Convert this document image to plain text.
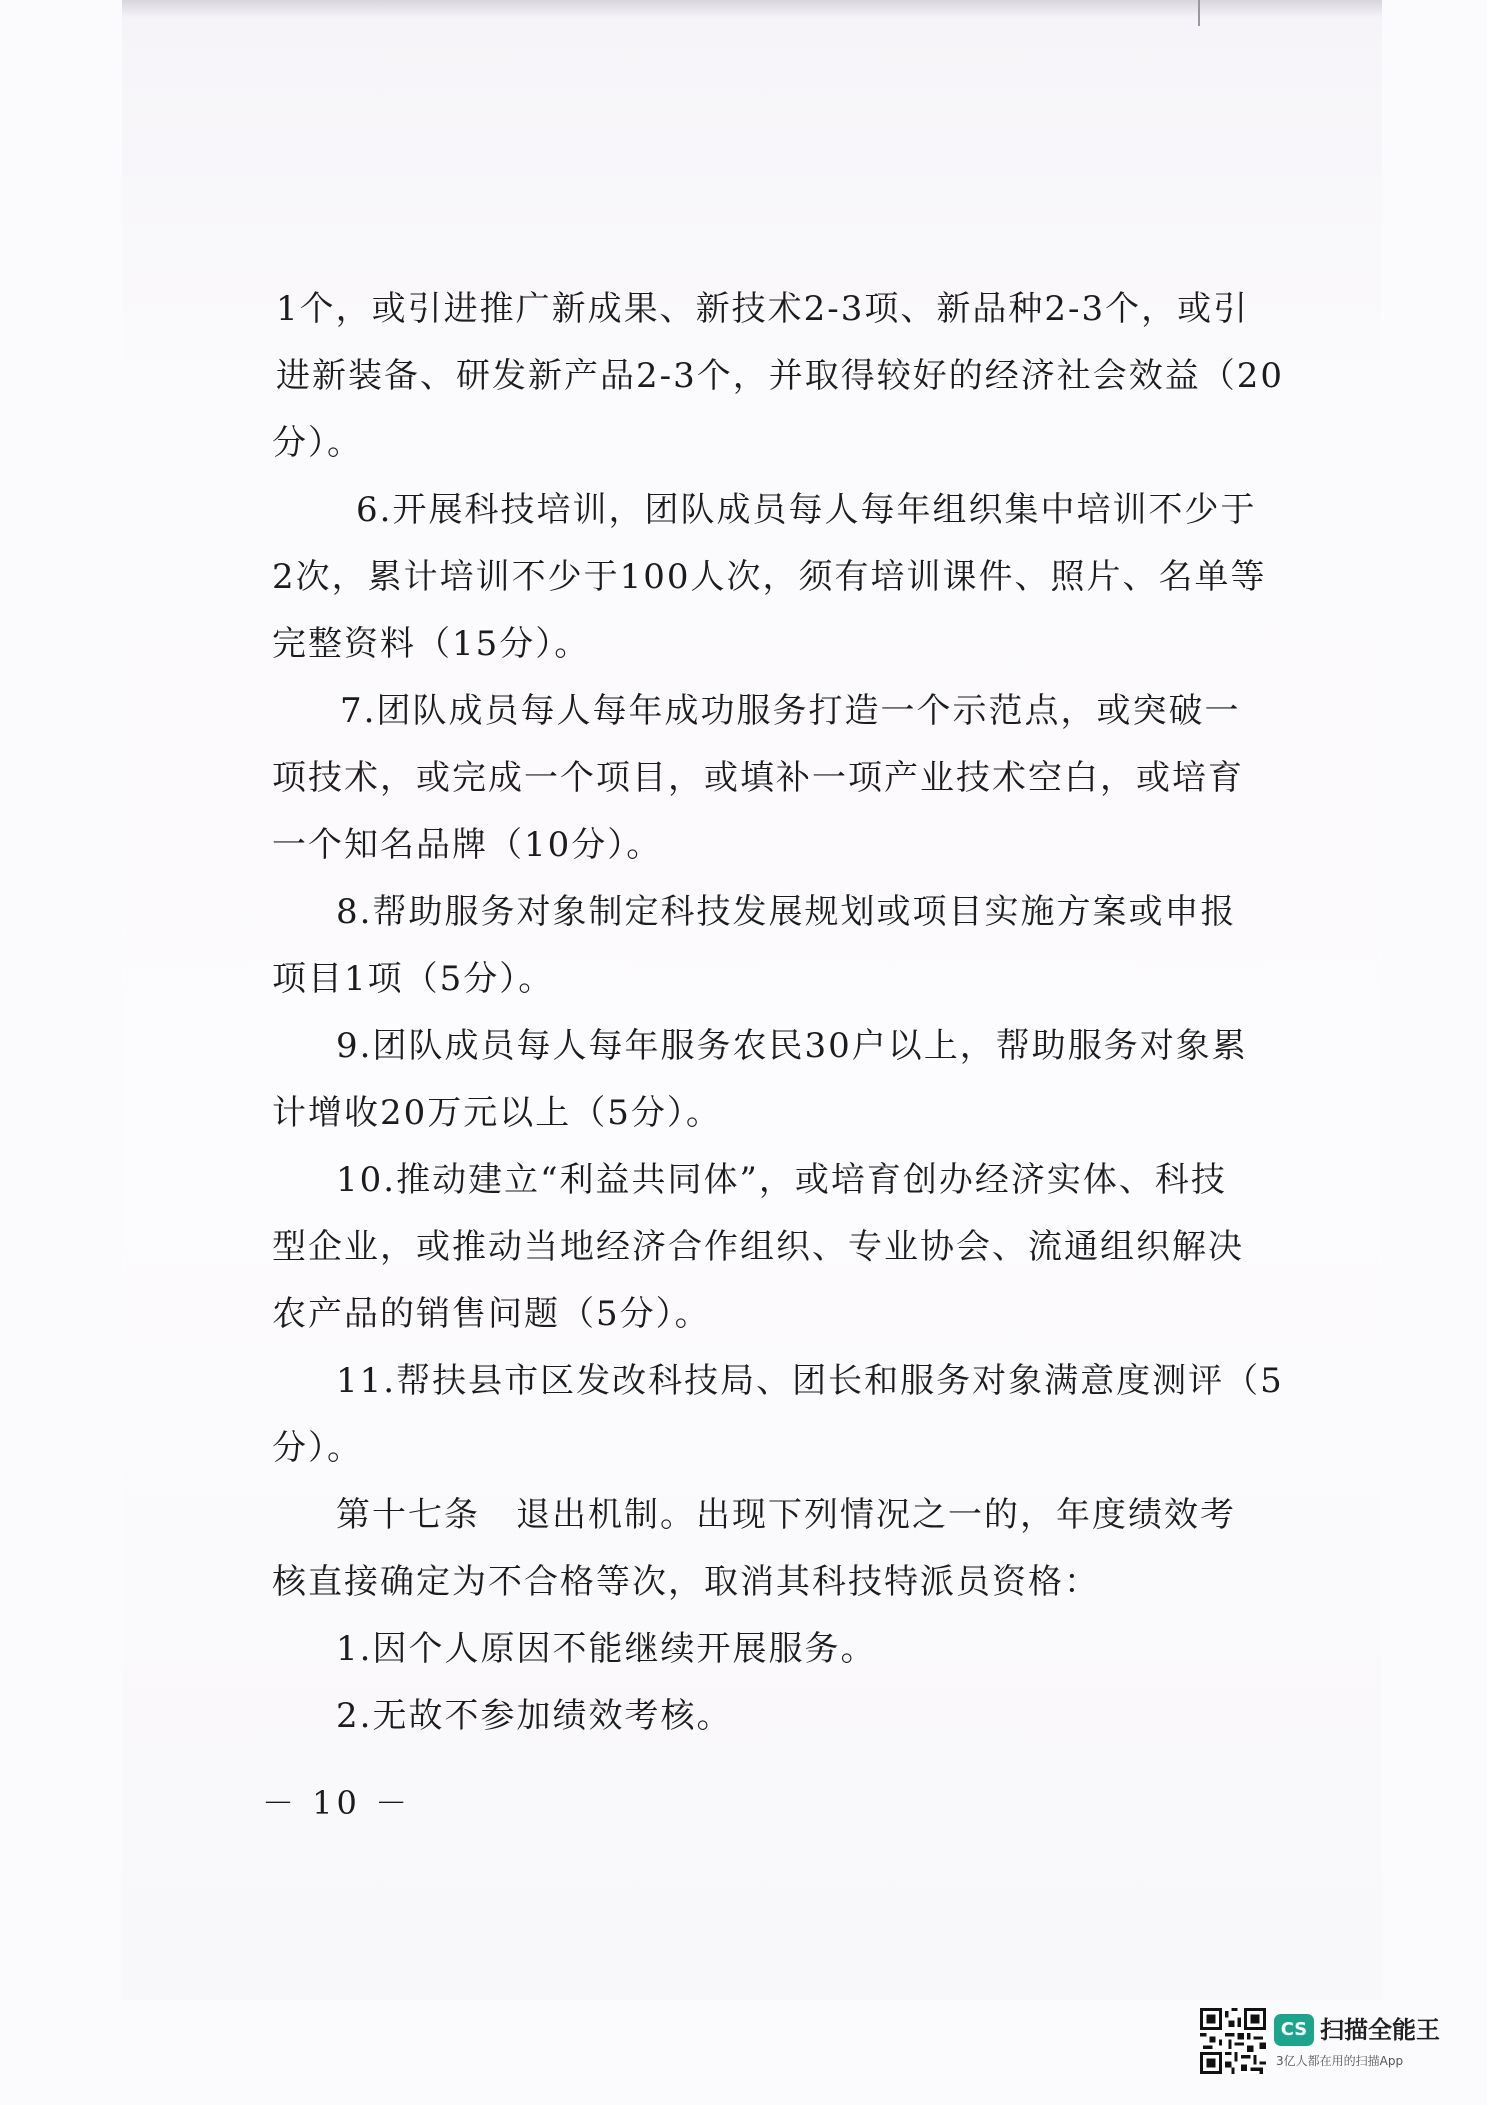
1个，或引进推广新成果、新技术2-3项、新品种2-3个，或引
进新装备、研发新产品2-3个，并取得较好的经济社会效益（20
分）。
6.开展科技培训，团队成员每人每年组织集中培训不少于
2次，累计培训不少于100人次，须有培训课件、照片、名单等
完整资料（15分）。
7.团队成员每人每年成功服务打造一个示范点，或突破一
项技术，或完成一个项目，或填补一项产业技术空白，或培育
一个知名品牌（10分）。
8.帮助服务对象制定科技发展规划或项目实施方案或申报
项目1项（5分）。
9.团队成员每人每年服务农民30户以上，帮助服务对象累
计增收20万元以上（5分）。
10.推动建立“利益共同体”，或培育创办经济实体、科技
型企业，或推动当地经济合作组织、专业协会、流通组织解决
农产品的销售问题（5分）。
11.帮扶县市区发改科技局、团长和服务对象满意度测评（5
分）。
第十七条　退出机制。出现下列情况之一的，年度绩效考
核直接确定为不合格等次，取消其科技特派员资格：
1.因个人原因不能继续开展服务。
2.无故不参加绩效考核。
－ 10 －
CS 扫描全能王
3亿人都在用的扫描App
